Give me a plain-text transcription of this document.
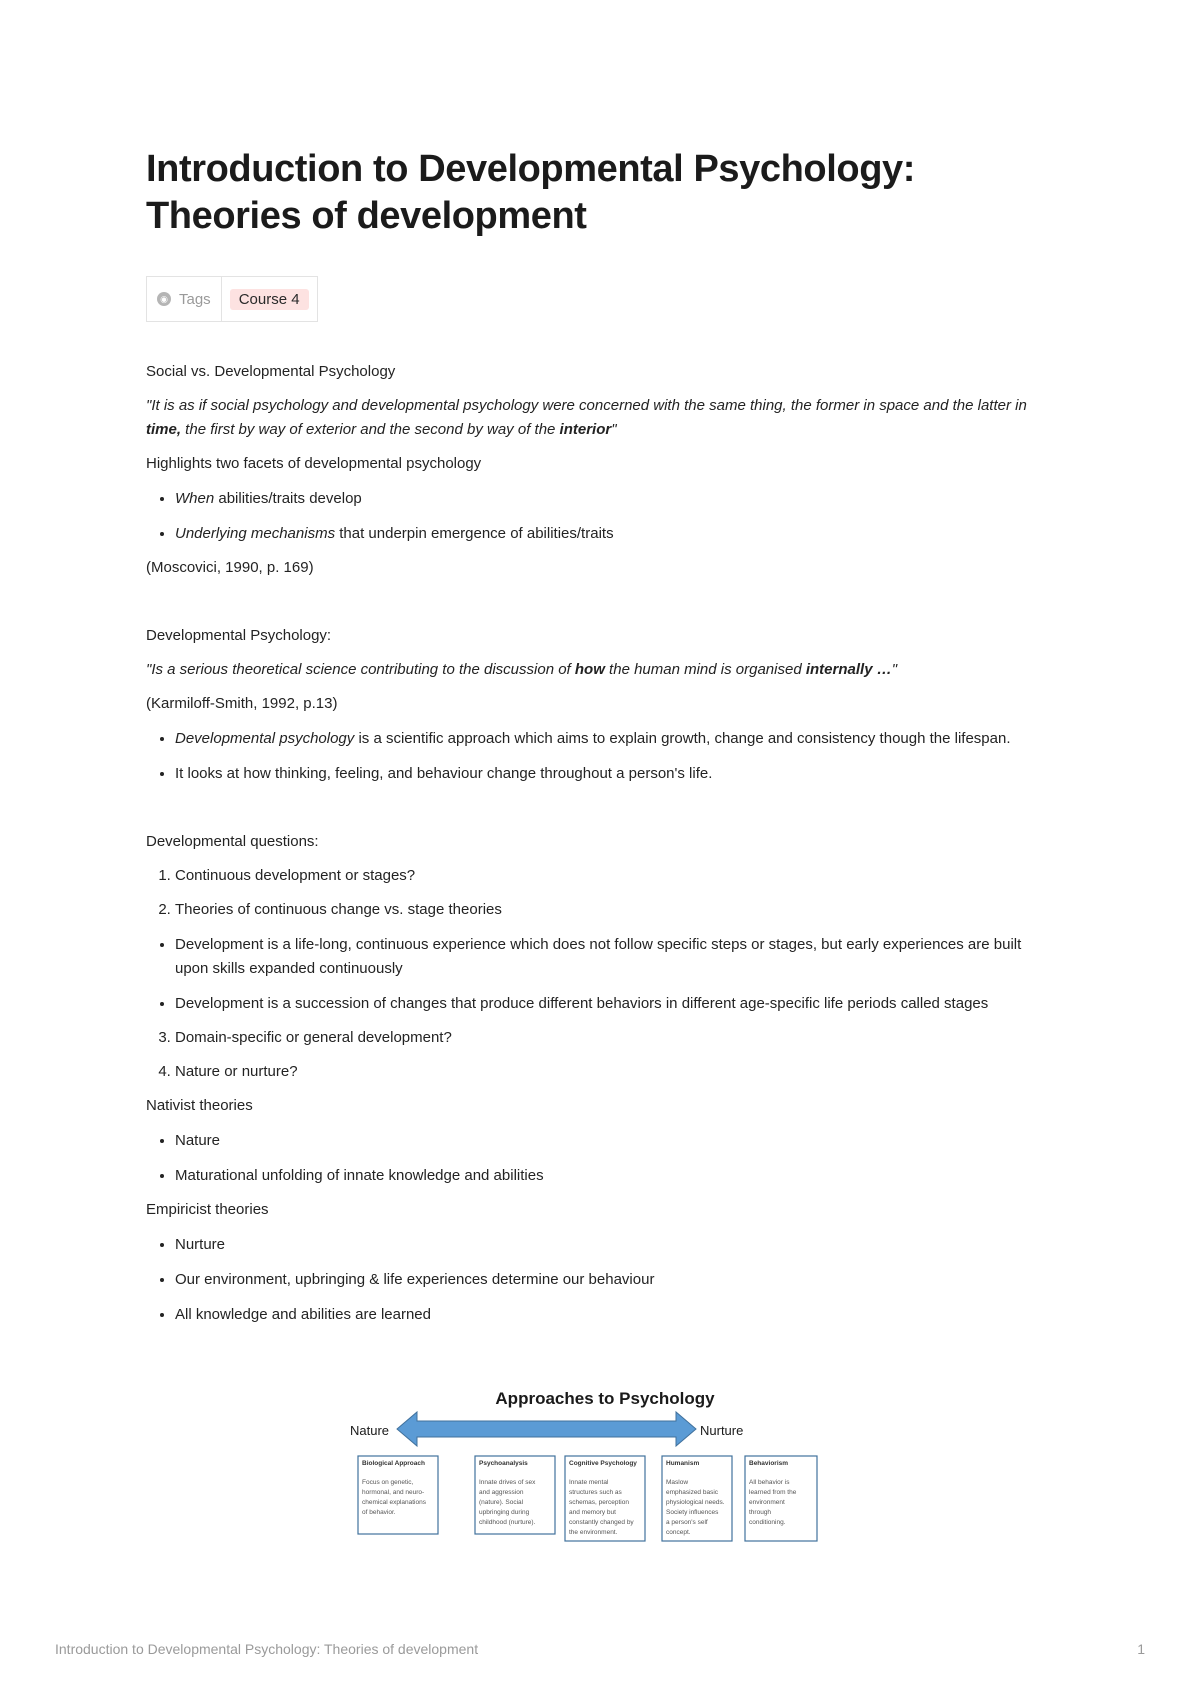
Introduction to Developmental Psychology:
Theories of development
◉ Tags	Course 4

Social vs. Developmental Psychology

"It is as if social psychology and developmental psychology were concerned with the same thing, the former in space and the latter in time, the first by way of exterior and the second by way of the interior"

Highlights two facets of developmental psychology

• When abilities/traits develop
• Underlying mechanisms that underpin emergence of abilities/traits

(Moscovici, 1990, p. 169)

Developmental Psychology:

"Is a serious theoretical science contributing to the discussion of how the human mind is organised internally …"

(Karmiloff-Smith, 1992, p.13)

• Developmental psychology is a scientific approach which aims to explain growth, change and consistency though the lifespan.
• It looks at how thinking, feeling, and behaviour change throughout a person's life.

Developmental questions:

1. Continuous development or stages?
2. Theories of continuous change vs. stage theories
• Development is a life-long, continuous experience which does not follow specific steps or stages, but early experiences are built upon skills expanded continuously
• Development is a succession of changes that produce different behaviors in different age-specific life periods called stages
3. Domain-specific or general development?
4. Nature or nurture?

Nativist theories

• Nature
• Maturational unfolding of innate knowledge and abilities

Empiricist theories

• Nurture
• Our environment, upbringing & life experiences determine our behaviour
• All knowledge and abilities are learned
Approaches to Psychology
Nature	Nurture
Biological Approach
Focus on genetic,
hormonal, and neuro-
chemical explanations
of behavior.
Psychoanalysis
Innate drives of sex
and aggression
(nature). Social
upbringing during
childhood (nurture).
Cognitive Psychology
Innate mental
structures such as
schemas, perception
and memory but
constantly changed by
the environment.
Humanism
Maslow
emphasized basic
physiological needs.
Society influences
a person's self
concept.
Behaviorism
All behavior is
learned from the
environment
through
conditioning.
Introduction to Developmental Psychology: Theories of development	1
